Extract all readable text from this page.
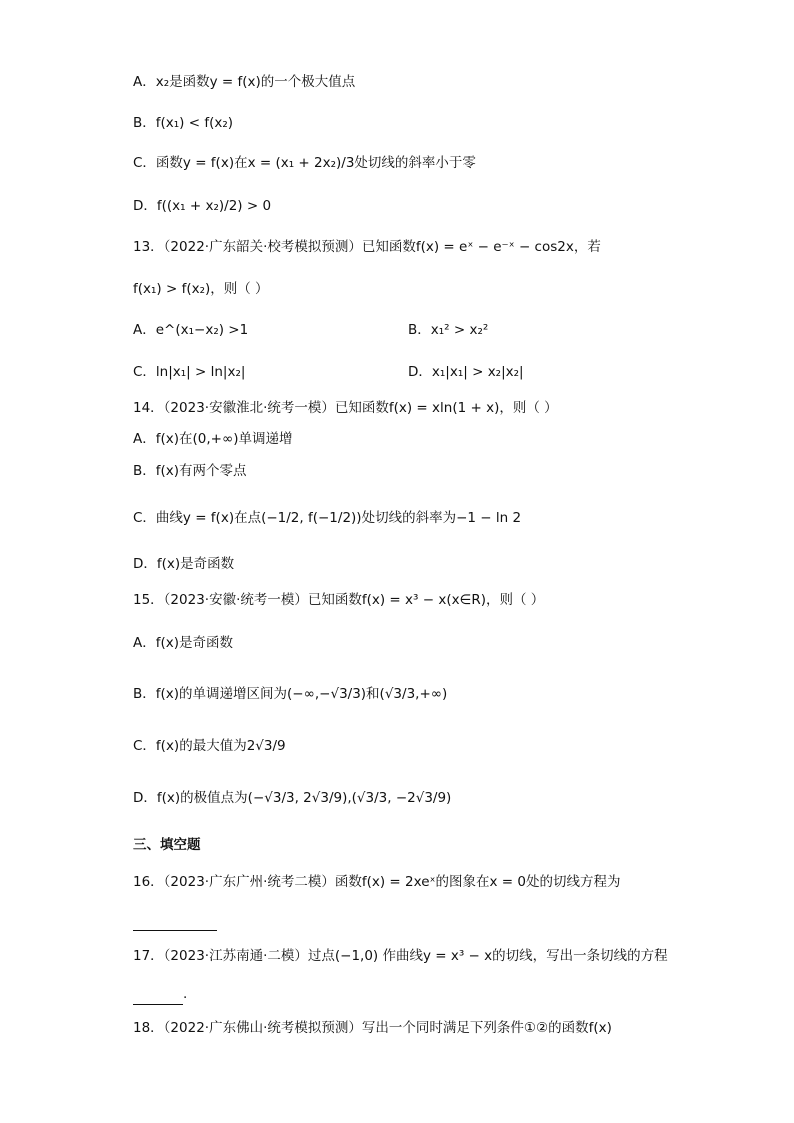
A．x₂是函数y = f(x)的一个极大值点
B．f(x₁) < f(x₂)
C．函数y = f(x)在x = (x₁ + 2x₂)/3处切线的斜率小于零
D．f((x₁ + x₂)/2) > 0
13．（2022·广东韶关·校考模拟预测）已知函数f(x) = eˣ − e⁻ˣ − cos2x，若
f(x₁) > f(x₂)，则（ ）
A．e^(x₁−x₂) >1	B．x₁² > x₂²
C．ln|x₁| > ln|x₂|	D．x₁|x₁| > x₂|x₂|
14．（2023·安徽淮北·统考一模）已知函数f(x) = xln(1 + x)，则（ ）
A．f(x)在(0,+∞)单调递增
B．f(x)有两个零点
C．曲线y = f(x)在点(−1/2, f(−1/2))处切线的斜率为−1 − ln 2
D．f(x)是奇函数
15．（2023·安徽·统考一模）已知函数f(x) = x³ − x(x∈R)，则（ ）
A．f(x)是奇函数
B．f(x)的单调递增区间为(−∞,−√3/3)和(√3/3,+∞)
C．f(x)的最大值为2√3/9
D．f(x)的极值点为(−√3/3, 2√3/9),(√3/3, −2√3/9)
三、填空题
16．（2023·广东广州·统考二模）函数f(x) = 2xeˣ的图象在x = 0处的切线方程为

17．（2023·江苏南通·二模）过点(−1,0) 作曲线y = x³ − x的切线，写出一条切线的方程
.
18．（2022·广东佛山·统考模拟预测）写出一个同时满足下列条件①②的函数f(x)
